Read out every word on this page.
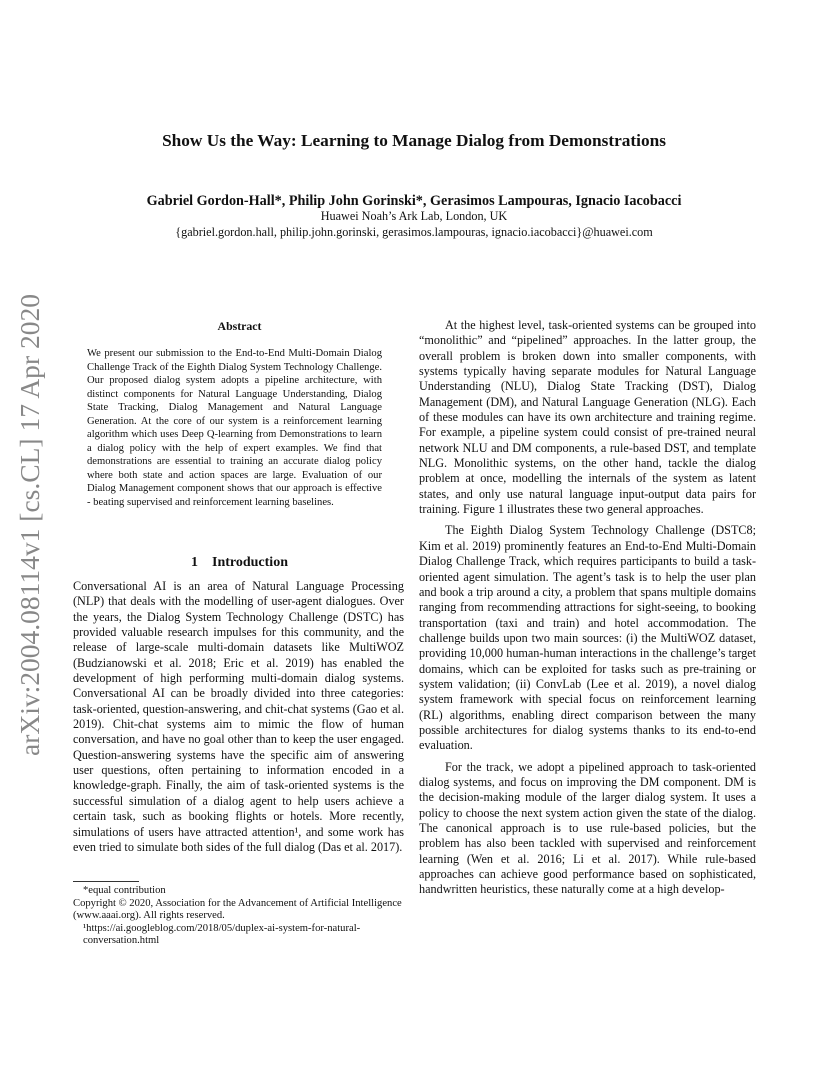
arXiv:2004.08114v1 [cs.CL] 17 Apr 2020
Show Us the Way: Learning to Manage Dialog from Demonstrations
Gabriel Gordon-Hall*, Philip John Gorinski*, Gerasimos Lampouras, Ignacio Iacobacci
Huawei Noah’s Ark Lab, London, UK
{gabriel.gordon.hall, philip.john.gorinski, gerasimos.lampouras, ignacio.iacobacci}@huawei.com
Abstract

We present our submission to the End-to-End Multi-Domain Dialog Challenge Track of the Eighth Dialog System Technology Challenge. Our proposed dialog system adopts a pipeline architecture, with distinct components for Natural Language Understanding, Dialog State Tracking, Dialog Management and Natural Language Generation. At the core of our system is a reinforcement learning algorithm which uses Deep Q-learning from Demonstrations to learn a dialog policy with the help of expert examples. We find that demonstrations are essential to training an accurate dialog policy where both state and action spaces are large. Evaluation of our Dialog Management component shows that our approach is effective - beating supervised and reinforcement learning baselines.

1 Introduction

Conversational AI is an area of Natural Language Processing (NLP) that deals with the modelling of user-agent dialogues. Over the years, the Dialog System Technology Challenge (DSTC) has provided valuable research impulses for this community, and the release of large-scale multi-domain datasets like MultiWOZ (Budzianowski et al. 2018; Eric et al. 2019) has enabled the development of high performing multi-domain dialog systems. Conversational AI can be broadly divided into three categories: task-oriented, question-answering, and chit-chat systems (Gao et al. 2019). Chit-chat systems aim to mimic the flow of human conversation, and have no goal other than to keep the user engaged. Question-answering systems have the specific aim of answering user questions, often pertaining to information encoded in a knowledge-graph. Finally, the aim of task-oriented systems is the successful simulation of a dialog agent to help users achieve a certain task, such as booking flights or hotels. More recently, simulations of users have attracted attention¹, and some work has even tried to simulate both sides of the full dialog (Das et al. 2017).

At the highest level, task-oriented systems can be grouped into “monolithic” and “pipelined” approaches. In the latter group, the overall problem is broken down into smaller components, with systems typically having separate modules for Natural Language Understanding (NLU), Dialog State Tracking (DST), Dialog Management (DM), and Natural Language Generation (NLG). Each of these modules can have its own architecture and training regime. For example, a pipeline system could consist of pre-trained neural network NLU and DM components, a rule-based DST, and template NLG. Monolithic systems, on the other hand, tackle the dialog problem at once, modelling the internals of the system as latent states, and only use natural language input-output data pairs for training. Figure 1 illustrates these two general approaches.

The Eighth Dialog System Technology Challenge (DSTC8; Kim et al. 2019) prominently features an End-to-End Multi-Domain Dialog Challenge Track, which requires participants to build a task-oriented agent simulation. The agent’s task is to help the user plan and book a trip around a city, a problem that spans multiple domains ranging from recommending attractions for sight-seeing, to booking transportation (taxi and train) and hotel accommodation. The challenge builds upon two main sources: (i) the MultiWOZ dataset, providing 10,000 human-human interactions in the challenge’s target domains, which can be exploited for tasks such as pre-training or system validation; (ii) ConvLab (Lee et al. 2019), a novel dialog system framework with special focus on reinforcement learning (RL) algorithms, enabling direct comparison between the many possible architectures for dialog systems thanks to its end-to-end evaluation.

For the track, we adopt a pipelined approach to task-oriented dialog systems, and focus on improving the DM component. DM is the decision-making module of the larger dialog system. It uses a policy to choose the next system action given the state of the dialog. The canonical approach is to use rule-based policies, but the problem has also been tackled with supervised and reinforcement learning (Wen et al. 2016; Li et al. 2017). While rule-based approaches can achieve good performance based on sophisticated, handwritten heuristics, these naturally come at a high develop-

*equal contribution
Copyright © 2020, Association for the Advancement of Artificial Intelligence (www.aaai.org). All rights reserved.
¹https://ai.googleblog.com/2018/05/duplex-ai-system-for-natural-conversation.html
